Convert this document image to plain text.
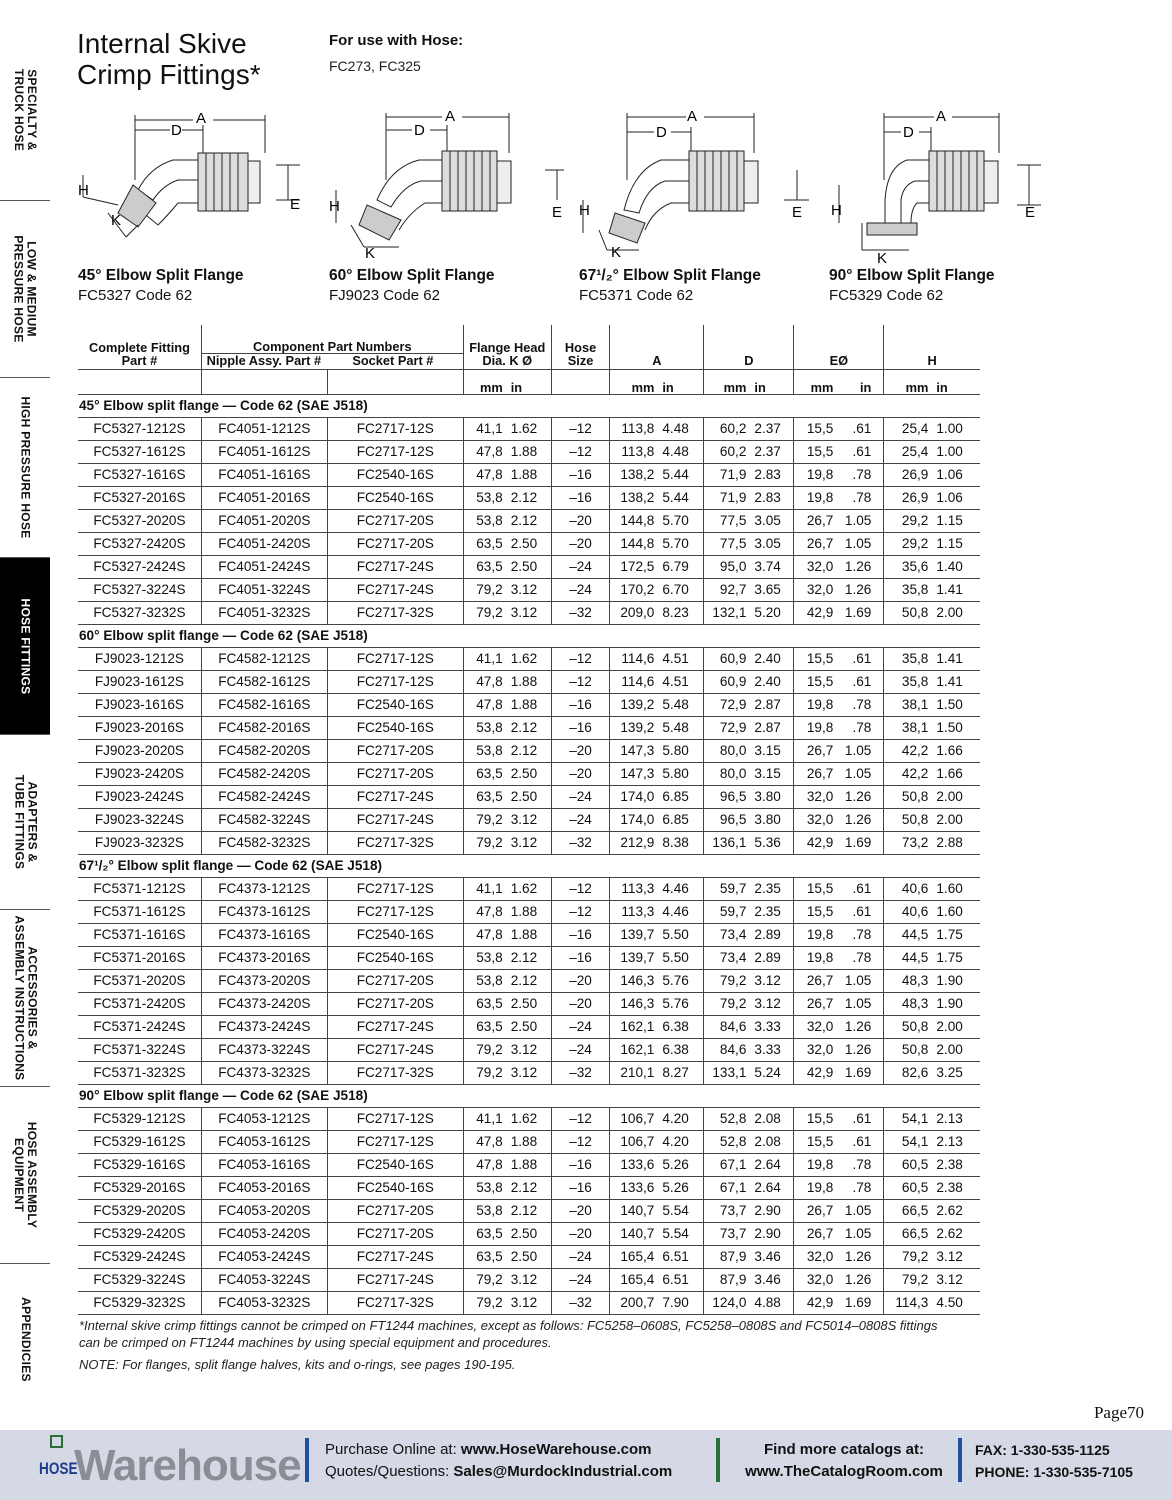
SPECIALTY &
TRUCK HOSE
LOW & MEDIUM
PRESSURE HOSE
HIGH PRESSURE HOSE
HOSE FITTINGS
ADAPTERS &
TUBE FITTINGS
ACCESSORIES &
ASSEMBLY INSTRUCTIONS
HOSE ASSEMBLY
EQUIPMENT
APPENDICIES
Internal Skive
Crimp Fittings*
For use with Hose:
FC273, FC325
A
D
H
E
K
45° Elbow Split Flange
FC5327 Code 62
A
D
H	E
K
60° Elbow Split Flange
FJ9023 Code 62
A
D
H	E
K
67¹/₂° Elbow Split Flange
FC5371 Code 62
A
D
H	E
K
90° Elbow Split Flange
FC5329 Code 62
Complete Fitting Part #	Component Part Numbers
Nipple Assy. Part # Socket Part #		Flange Head Dia. K Ø		Hose Size	A		D		EØ		H	
			mm	in		mm	in	mm	in	mm	in	mm	in
45° Elbow split flange — Code 62 (SAE J518)													
FC5327-1212S	FC4051-1212S	FC2717-12S	41,1	1.62	–12	113,8	4.48	60,2	2.37	15,5	.61	25,4	1.00
FC5327-1612S	FC4051-1612S	FC2717-12S	47,8	1.88	–12	113,8	4.48	60,2	2.37	15,5	.61	25,4	1.00
FC5327-1616S	FC4051-1616S	FC2540-16S	47,8	1.88	–16	138,2	5.44	71,9	2.83	19,8	.78	26,9	1.06
FC5327-2016S	FC4051-2016S	FC2540-16S	53,8	2.12	–16	138,2	5.44	71,9	2.83	19,8	.78	26,9	1.06
FC5327-2020S	FC4051-2020S	FC2717-20S	53,8	2.12	–20	144,8	5.70	77,5	3.05	26,7	1.05	29,2	1.15
FC5327-2420S	FC4051-2420S	FC2717-20S	63,5	2.50	–20	144,8	5.70	77,5	3.05	26,7	1.05	29,2	1.15
FC5327-2424S	FC4051-2424S	FC2717-24S	63,5	2.50	–24	172,5	6.79	95,0	3.74	32,0	1.26	35,6	1.40
FC5327-3224S	FC4051-3224S	FC2717-24S	79,2	3.12	–24	170,2	6.70	92,7	3.65	32,0	1.26	35,8	1.41
FC5327-3232S	FC4051-3232S	FC2717-32S	79,2	3.12	–32	209,0	8.23	132,1	5.20	42,9	1.69	50,8	2.00
60° Elbow split flange — Code 62 (SAE J518)													
FJ9023-1212S	FC4582-1212S	FC2717-12S	41,1	1.62	–12	114,6	4.51	60,9	2.40	15,5	.61	35,8	1.41
FJ9023-1612S	FC4582-1612S	FC2717-12S	47,8	1.88	–12	114,6	4.51	60,9	2.40	15,5	.61	35,8	1.41
FJ9023-1616S	FC4582-1616S	FC2540-16S	47,8	1.88	–16	139,2	5.48	72,9	2.87	19,8	.78	38,1	1.50
FJ9023-2016S	FC4582-2016S	FC2540-16S	53,8	2.12	–16	139,2	5.48	72,9	2.87	19,8	.78	38,1	1.50
FJ9023-2020S	FC4582-2020S	FC2717-20S	53,8	2.12	–20	147,3	5.80	80,0	3.15	26,7	1.05	42,2	1.66
FJ9023-2420S	FC4582-2420S	FC2717-20S	63,5	2.50	–20	147,3	5.80	80,0	3.15	26,7	1.05	42,2	1.66
FJ9023-2424S	FC4582-2424S	FC2717-24S	63,5	2.50	–24	174,0	6.85	96,5	3.80	32,0	1.26	50,8	2.00
FJ9023-3224S	FC4582-3224S	FC2717-24S	79,2	3.12	–24	174,0	6.85	96,5	3.80	32,0	1.26	50,8	2.00
FJ9023-3232S	FC4582-3232S	FC2717-32S	79,2	3.12	–32	212,9	8.38	136,1	5.36	42,9	1.69	73,2	2.88
67¹/₂° Elbow split flange — Code 62 (SAE J518)													
FC5371-1212S	FC4373-1212S	FC2717-12S	41,1	1.62	–12	113,3	4.46	59,7	2.35	15,5	.61	40,6	1.60
FC5371-1612S	FC4373-1612S	FC2717-12S	47,8	1.88	–12	113,3	4.46	59,7	2.35	15,5	.61	40,6	1.60
FC5371-1616S	FC4373-1616S	FC2540-16S	47,8	1.88	–16	139,7	5.50	73,4	2.89	19,8	.78	44,5	1.75
FC5371-2016S	FC4373-2016S	FC2540-16S	53,8	2.12	–16	139,7	5.50	73,4	2.89	19,8	.78	44,5	1.75
FC5371-2020S	FC4373-2020S	FC2717-20S	53,8	2.12	–20	146,3	5.76	79,2	3.12	26,7	1.05	48,3	1.90
FC5371-2420S	FC4373-2420S	FC2717-20S	63,5	2.50	–20	146,3	5.76	79,2	3.12	26,7	1.05	48,3	1.90
FC5371-2424S	FC4373-2424S	FC2717-24S	63,5	2.50	–24	162,1	6.38	84,6	3.33	32,0	1.26	50,8	2.00
FC5371-3224S	FC4373-3224S	FC2717-24S	79,2	3.12	–24	162,1	6.38	84,6	3.33	32,0	1.26	50,8	2.00
FC5371-3232S	FC4373-3232S	FC2717-32S	79,2	3.12	–32	210,1	8.27	133,1	5.24	42,9	1.69	82,6	3.25
90° Elbow split flange — Code 62 (SAE J518)													
FC5329-1212S	FC4053-1212S	FC2717-12S	41,1	1.62	–12	106,7	4.20	52,8	2.08	15,5	.61	54,1	2.13
FC5329-1612S	FC4053-1612S	FC2717-12S	47,8	1.88	–12	106,7	4.20	52,8	2.08	15,5	.61	54,1	2.13
FC5329-1616S	FC4053-1616S	FC2540-16S	47,8	1.88	–16	133,6	5.26	67,1	2.64	19,8	.78	60,5	2.38
FC5329-2016S	FC4053-2016S	FC2540-16S	53,8	2.12	–16	133,6	5.26	67,1	2.64	19,8	.78	60,5	2.38
FC5329-2020S	FC4053-2020S	FC2717-20S	53,8	2.12	–20	140,7	5.54	73,7	2.90	26,7	1.05	66,5	2.62
FC5329-2420S	FC4053-2420S	FC2717-20S	63,5	2.50	–20	140,7	5.54	73,7	2.90	26,7	1.05	66,5	2.62
FC5329-2424S	FC4053-2424S	FC2717-24S	63,5	2.50	–24	165,4	6.51	87,9	3.46	32,0	1.26	79,2	3.12
FC5329-3224S	FC4053-3224S	FC2717-24S	79,2	3.12	–24	165,4	6.51	87,9	3.46	32,0	1.26	79,2	3.12
FC5329-3232S	FC4053-3232S	FC2717-32S	79,2	3.12	–32	200,7	7.90	124,0	4.88	42,9	1.69	114,3	4.50
*Internal skive crimp fittings cannot be crimped on FT1244 machines, except as follows: FC5258–0608S, FC5258–0808S and FC5014–0808S fittings can be crimped on FT1244 machines by using special equipment and procedures.
NOTE: For flanges, split flange halves, kits and o-rings, see pages 190-195.
Page70
HOSE
Warehouse Purchase Online at: www.HoseWarehouse.com
Quotes/Questions: Sales@MurdockIndustrial.com
Find more catalogs at:
www.TheCatalogRoom.com
FAX: 1-330-535-1125
PHONE: 1-330-535-7105
